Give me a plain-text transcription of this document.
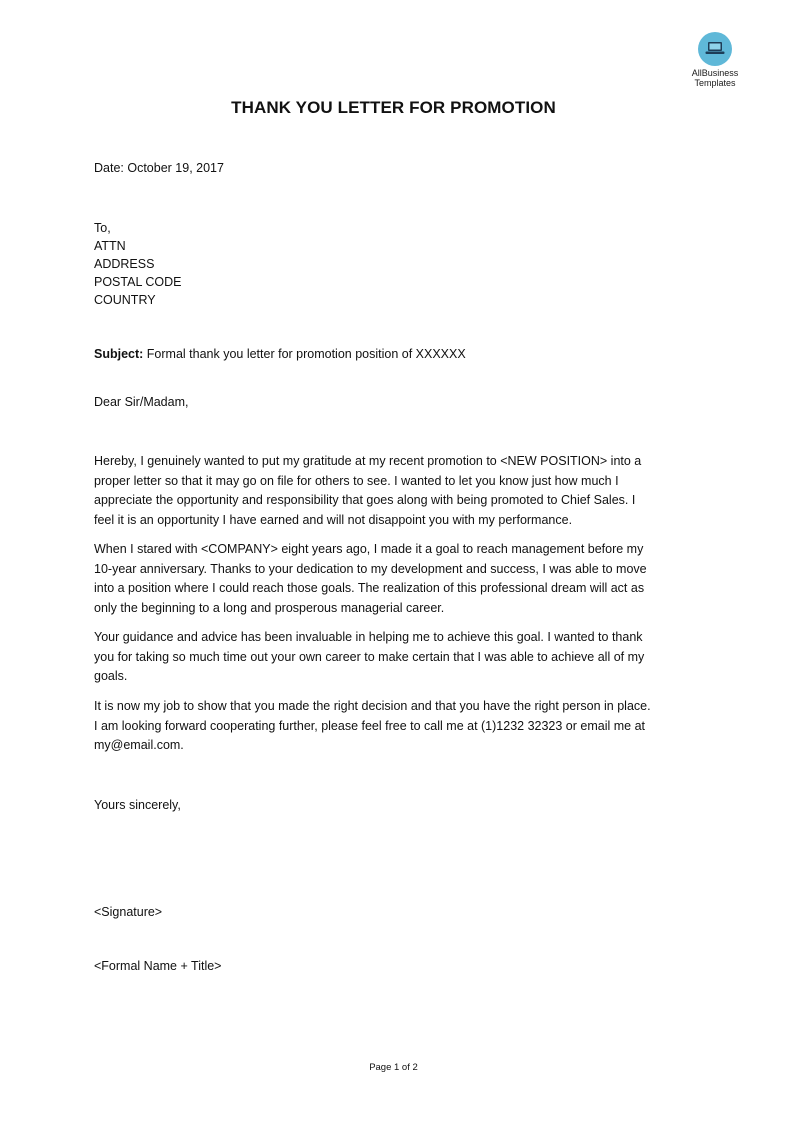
AllBusiness
Templates
THANK YOU LETTER FOR PROMOTION
Date: October 19, 2017
To,
ATTN
ADDRESS
POSTAL CODE
COUNTRY
Subject: Formal thank you letter for promotion position of XXXXXX
Dear Sir/Madam,
Hereby, I genuinely wanted to put my gratitude at my recent promotion to <NEW POSITION> into a
proper letter so that it may go on file for others to see. I wanted to let you know just how much I
appreciate the opportunity and responsibility that goes along with being promoted to Chief Sales. I
feel it is an opportunity I have earned and will not disappoint you with my performance.
When I stared with <COMPANY> eight years ago, I made it a goal to reach management before my
10-year anniversary. Thanks to your dedication to my development and success, I was able to move
into a position where I could reach those goals. The realization of this professional dream will act as
only the beginning to a long and prosperous managerial career.
Your guidance and advice has been invaluable in helping me to achieve this goal. I wanted to thank
you for taking so much time out your own career to make certain that I was able to achieve all of my
goals.
It is now my job to show that you made the right decision and that you have the right person in place.
I am looking forward cooperating further, please feel free to call me at (1)1232 32323 or email me at
my@email.com.
Yours sincerely,
<Signature>
<Formal Name + Title>
Page 1 of 2
